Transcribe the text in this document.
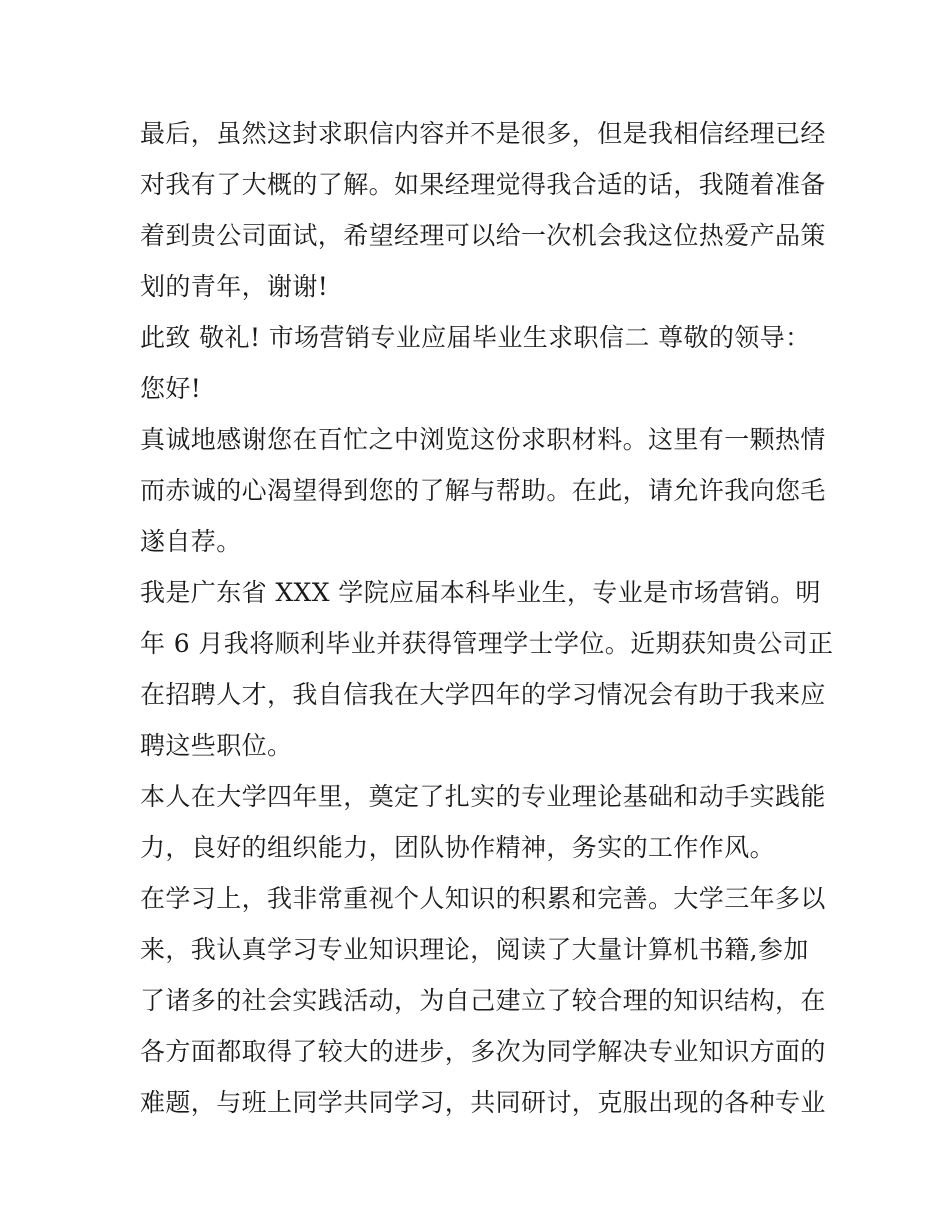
最后，虽然这封求职信内容并不是很多，但是我相信经理已经
对我有了大概的了解。如果经理觉得我合适的话，我随着准备
着到贵公司面试，希望经理可以给一次机会我这位热爱产品策
划的青年，谢谢!

此致 敬礼! 市场营销专业应届毕业生求职信二 尊敬的领导：

您好!

真诚地感谢您在百忙之中浏览这份求职材料。这里有一颗热情
而赤诚的心渴望得到您的了解与帮助。在此，请允许我向您毛
遂自荐。

我是广东省 XXX 学院应届本科毕业生，专业是市场营销。明
年 6 月我将顺利毕业并获得管理学士学位。近期获知贵公司正
在招聘人才，我自信我在大学四年的学习情况会有助于我来应
聘这些职位。

本人在大学四年里，奠定了扎实的专业理论基础和动手实践能
力，良好的组织能力，团队协作精神，务实的工作作风。

在学习上，我非常重视个人知识的积累和完善。大学三年多以
来，我认真学习专业知识理论，阅读了大量计算机书籍,参加
了诸多的社会实践活动，为自己建立了较合理的知识结构，在
各方面都取得了较大的进步，多次为同学解决专业知识方面的
难题，与班上同学共同学习，共同研讨，克服出现的各种专业
